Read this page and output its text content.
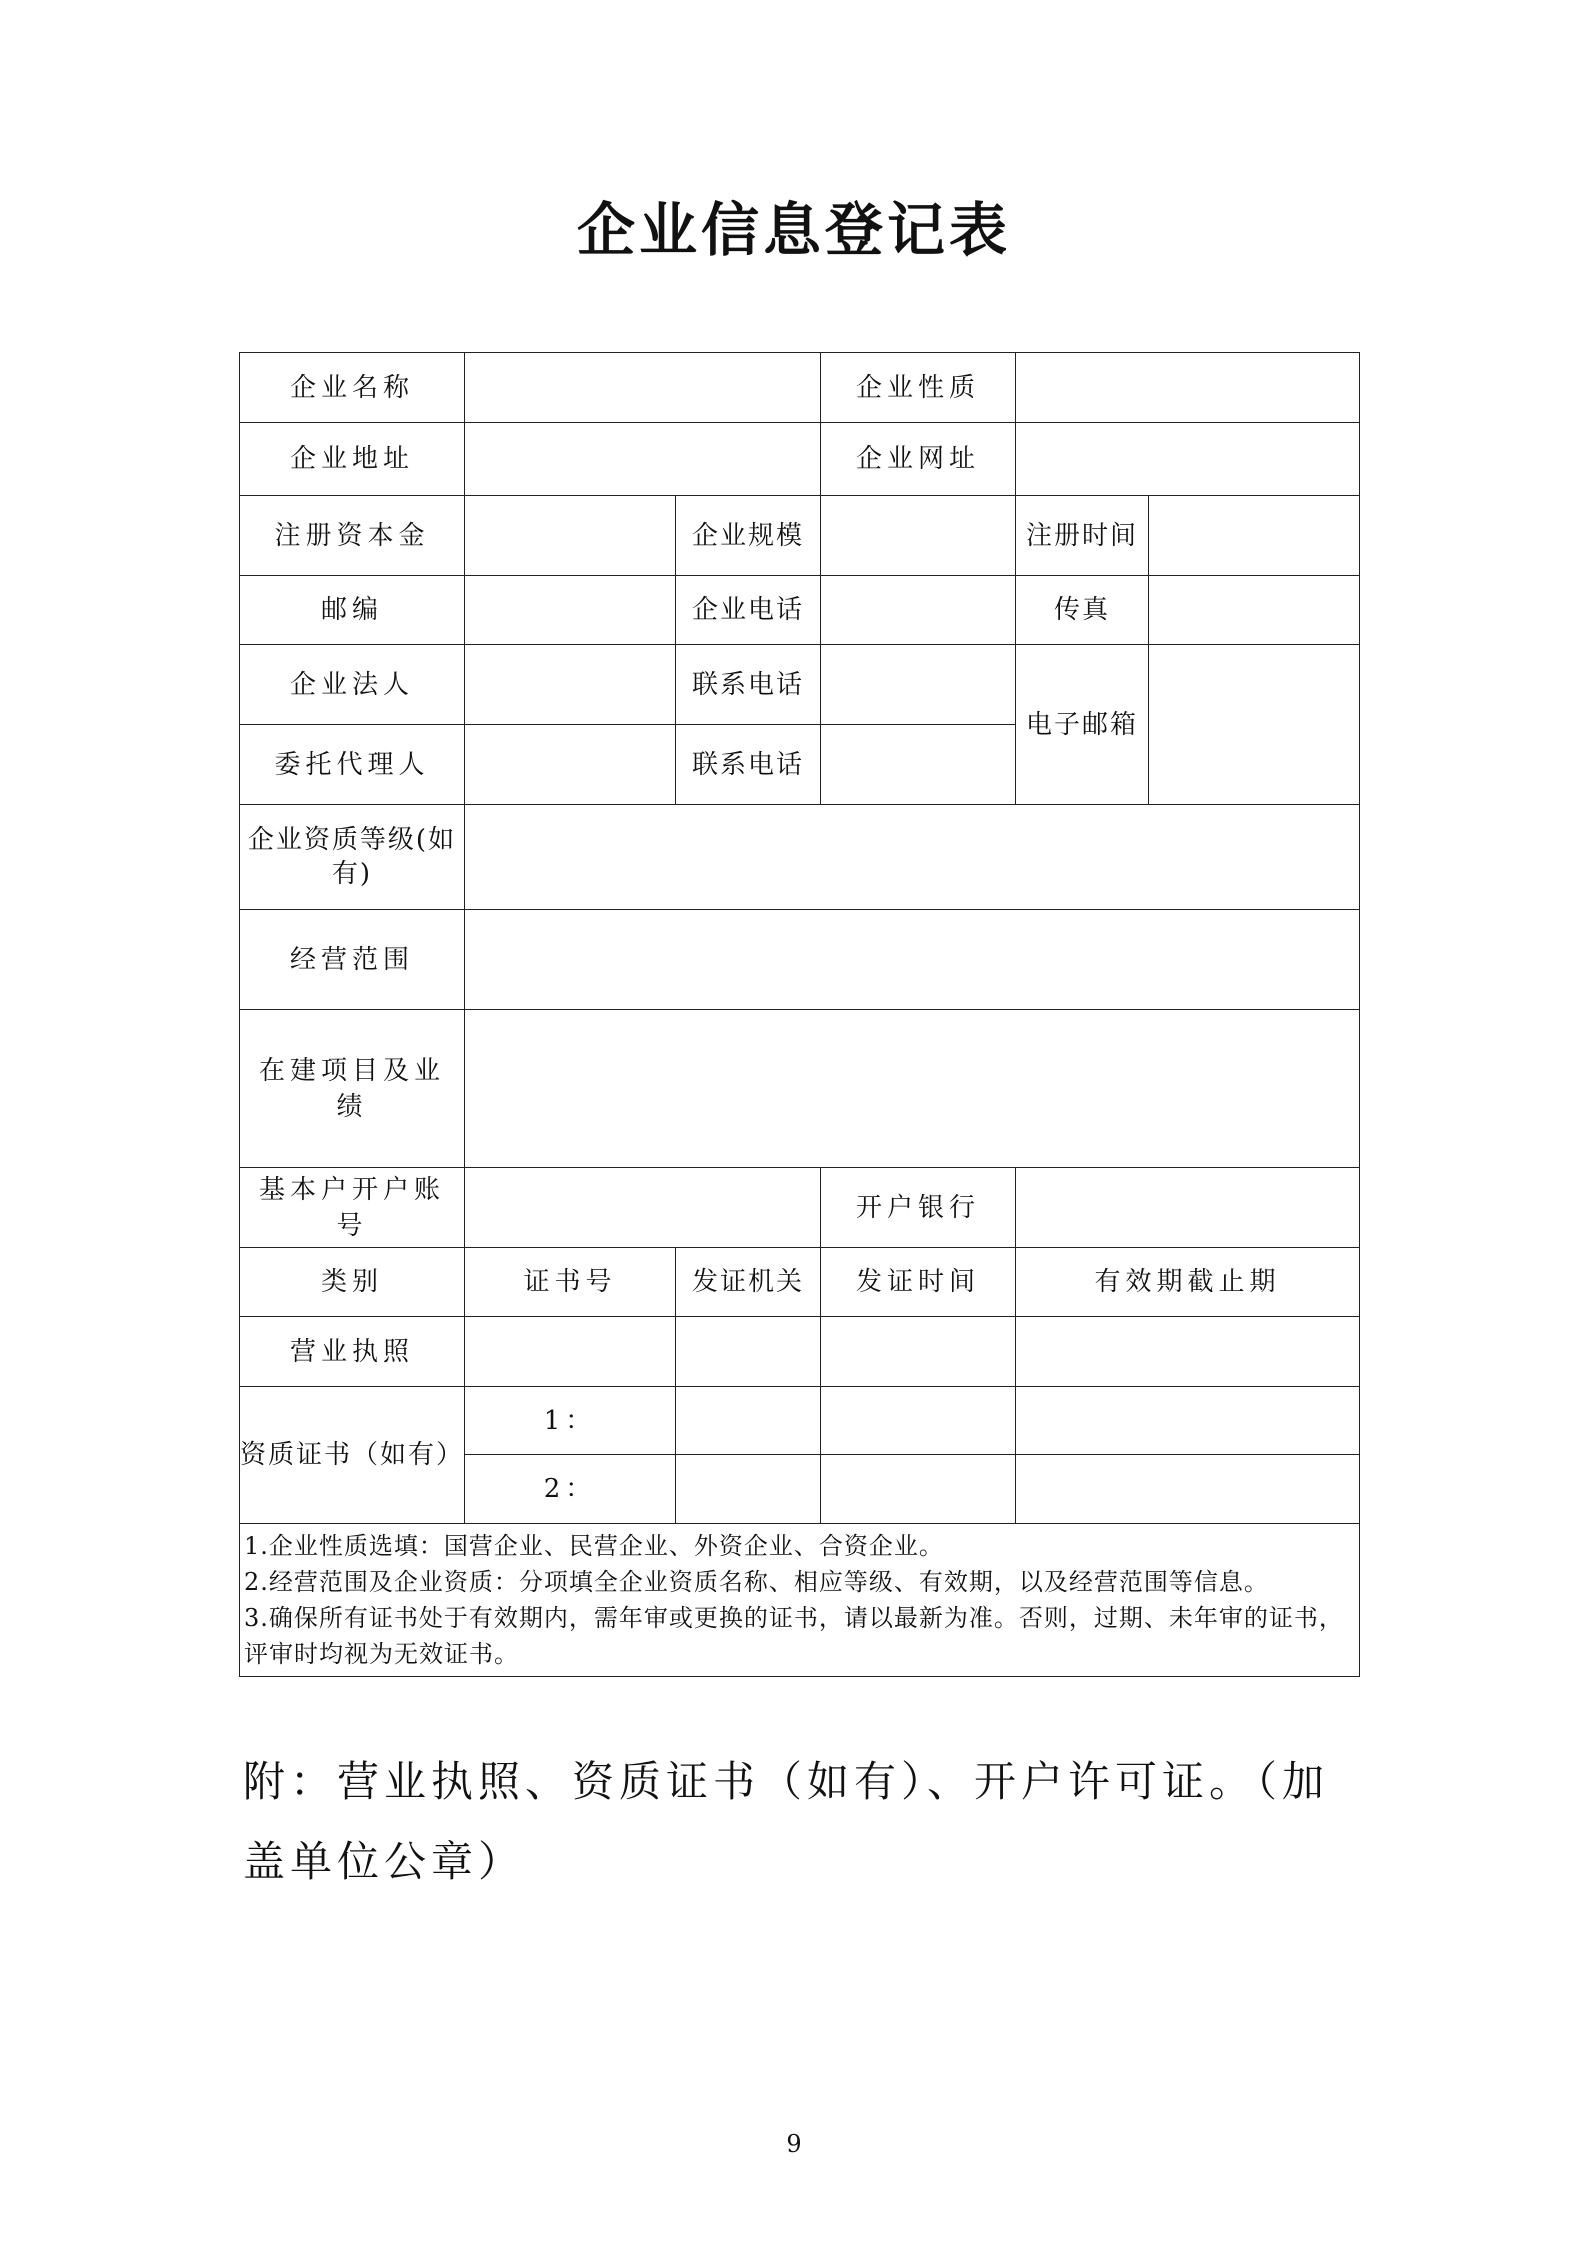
企业信息登记表
企业名称			企业性质		
企业地址			企业网址		
注册资本金		企业规模		注册时间	
邮编		企业电话		传真	
企业法人		联系电话		电子邮箱	
委托代理人		联系电话			
企业资质等级(如有)					
经营范围					
在建项目及业绩					
基本户开户账号			开户银行		
类别	证书号	发证机关	发证时间	有效期截止期	
营业执照					
资质证书（如有）	1：				
	2：				

1.企业性质选填：国营企业、民营企业、外资企业、合资企业。
2.经营范围及企业资质：分项填全企业资质名称、相应等级、有效期，以及经营范围等信息。
3.确保所有证书处于有效期内，需年审或更换的证书，请以最新为准。否则，过期、未年审的证书，评审时均视为无效证书。					
附：营业执照、资质证书（如有）、开户许可证。（加盖单位公章）
9
